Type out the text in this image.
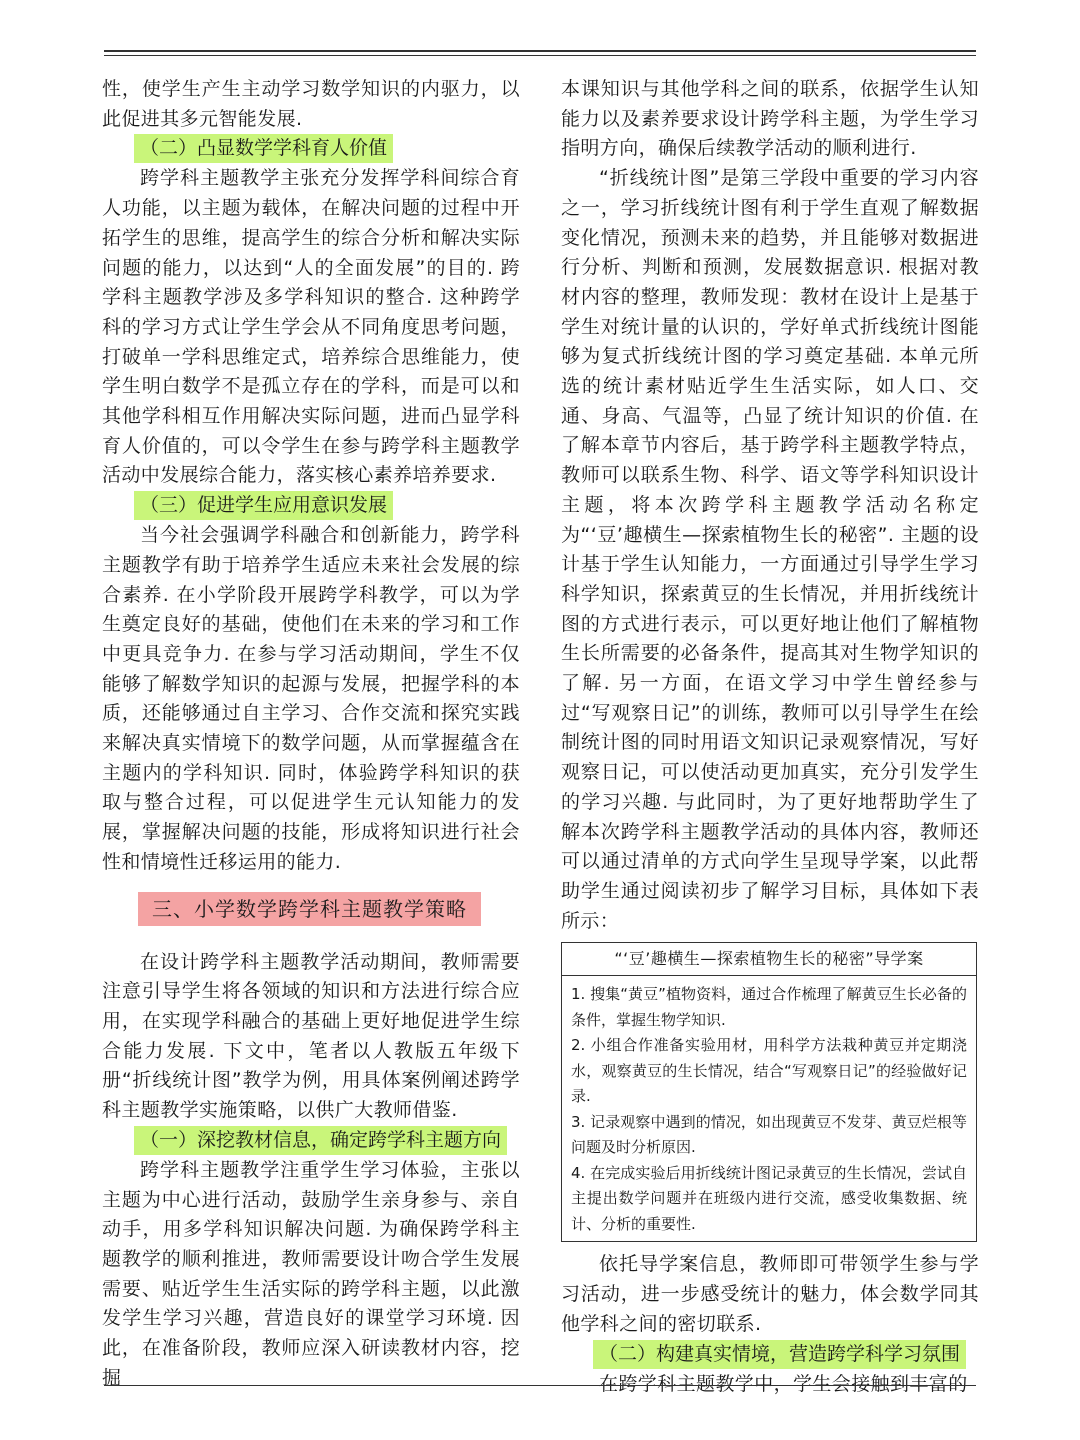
性，使学生产生主动学习数学知识的内驱力，以此促进其多元智能发展.

（二）凸显数学学科育人价值

跨学科主题教学主张充分发挥学科间综合育人功能，以主题为载体，在解决问题的过程中开拓学生的思维，提高学生的综合分析和解决实际问题的能力，以达到“人的全面发展”的目的. 跨学科主题教学涉及多学科知识的整合. 这种跨学科的学习方式让学生学会从不同角度思考问题，打破单一学科思维定式，培养综合思维能力，使学生明白数学不是孤立存在的学科，而是可以和其他学科相互作用解决实际问题，进而凸显学科育人价值的，可以令学生在参与跨学科主题教学活动中发展综合能力，落实核心素养培养要求.

（三）促进学生应用意识发展

当今社会强调学科融合和创新能力，跨学科主题教学有助于培养学生适应未来社会发展的综合素养. 在小学阶段开展跨学科教学，可以为学生奠定良好的基础，使他们在未来的学习和工作中更具竞争力. 在参与学习活动期间，学生不仅能够了解数学知识的起源与发展，把握学科的本质，还能够通过自主学习、合作交流和探究实践来解决真实情境下的数学问题，从而掌握蕴含在主题内的学科知识. 同时，体验跨学科知识的获取与整合过程，可以促进学生元认知能力的发展，掌握解决问题的技能，形成将知识进行社会性和情境性迁移运用的能力.

三、小学数学跨学科主题教学策略

在设计跨学科主题教学活动期间，教师需要注意引导学生将各领域的知识和方法进行综合应用，在实现学科融合的基础上更好地促进学生综合能力发展. 下文中，笔者以人教版五年级下册“折线统计图”教学为例，用具体案例阐述跨学科主题教学实施策略，以供广大教师借鉴.

（一）深挖教材信息，确定跨学科主题方向

跨学科主题教学注重学生学习体验，主张以主题为中心进行活动，鼓励学生亲身参与、亲自动手，用多学科知识解决问题. 为确保跨学科主题教学的顺利推进，教师需要设计吻合学生发展需要、贴近学生生活实际的跨学科主题，以此激发学生学习兴趣，营造良好的课堂学习环境. 因此，在准备阶段，教师应深入研读教材内容，挖掘

本课知识与其他学科之间的联系，依据学生认知能力以及素养要求设计跨学科主题，为学生学习指明方向，确保后续教学活动的顺利进行.

“折线统计图”是第三学段中重要的学习内容之一，学习折线统计图有利于学生直观了解数据变化情况，预测未来的趋势，并且能够对数据进行分析、判断和预测，发展数据意识. 根据对教材内容的整理，教师发现：教材在设计上是基于学生对统计量的认识的，学好单式折线统计图能够为复式折线统计图的学习奠定基础. 本单元所选的统计素材贴近学生生活实际，如人口、交通、身高、气温等，凸显了统计知识的价值. 在了解本章节内容后，基于跨学科主题教学特点，教师可以联系生物、科学、语文等学科知识设计主题，将本次跨学科主题教学活动名称定为“‘豆’趣横生—探索植物生长的秘密”. 主题的设计基于学生认知能力，一方面通过引导学生学习科学知识，探索黄豆的生长情况，并用折线统计图的方式进行表示，可以更好地让他们了解植物生长所需要的必备条件，提高其对生物学知识的了解. 另一方面，在语文学习中学生曾经参与过“写观察日记”的训练，教师可以引导学生在绘制统计图的同时用语文知识记录观察情况，写好观察日记，可以使活动更加真实，充分引发学生的学习兴趣. 与此同时，为了更好地帮助学生了解本次跨学科主题教学活动的具体内容，教师还可以通过清单的方式向学生呈现导学案，以此帮助学生通过阅读初步了解学习目标，具体如下表所示：

“‘豆’趣横生—探索植物生长的秘密”导学案
1. 搜集“黄豆”植物资料，通过合作梳理了解黄豆生长必备的条件，掌握生物学知识.
2. 小组合作准备实验用材，用科学方法栽种黄豆并定期浇水，观察黄豆的生长情况，结合“写观察日记”的经验做好记录.
3. 记录观察中遇到的情况，如出现黄豆不发芽、黄豆烂根等问题及时分析原因.
4. 在完成实验后用折线统计图记录黄豆的生长情况，尝试自主提出数学问题并在班级内进行交流，感受收集数据、统计、分析的重要性.

依托导学案信息，教师即可带领学生参与学习活动，进一步感受统计的魅力，体会数学同其他学科之间的密切联系.

（二）构建真实情境，营造跨学科学习氛围

在跨学科主题教学中，学生会接触到丰富的
